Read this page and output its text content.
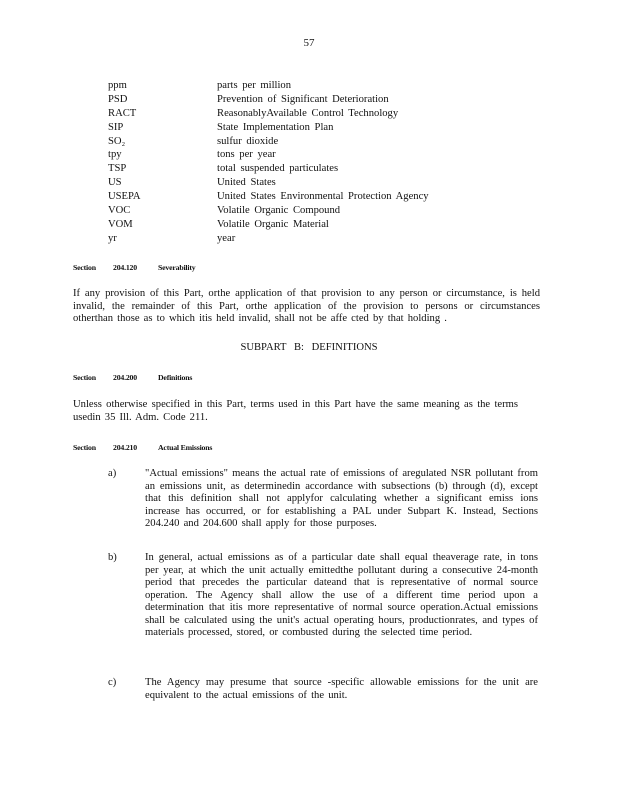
57
ppm	parts per million
PSD	Prevention of Significant Deterioration
RACT	ReasonablyAvailable Control Technology
SIP	State Implementation Plan
SO₂	sulfur dioxide
tpy	tons per year
TSP	total suspended particulates
US	United States
USEPA	United States Environmental Protection Agency
VOC	Volatile Organic Compound
VOM	Volatile Organic Material
yr	year
Section 204.120	Severability
If any provision of this Part, orthe application of that provision to any person or circumstance, is held invalid, the remainder of this Part, orthe application of the provision to persons or circumstances otherthan those as to which itis held invalid, shall not be affe cted by that holding .
SUBPART B: DEFINITIONS
Section 204.200	Definitions
Unless otherwise specified in this Part, terms used in this Part have the same meaning as the terms usedin 35 Ill. Adm. Code 211.
Section 204.210	Actual Emissions
a)	"Actual emissions" means the actual rate of emissions of aregulated NSR pollutant from an emissions unit, as determinedin accordance with subsections (b) through (d), except that this definition shall not applyfor calculating whether a significant emiss ions increase has occurred, or for establishing a PAL under Subpart K. Instead, Sections 204.240 and 204.600 shall apply for those purposes.
b)	In general, actual emissions as of a particular date shall equal theaverage rate, in tons per year, at which the unit actually emittedthe pollutant during a consecutive 24-month period that precedes the particular dateand that is representative of normal source operation. The Agency shall allow the use of a different time period upon a determination that itis more representative of normal source operation.Actual emissions shall be calculated using the unit's actual operating hours, productionrates, and types of materials processed, stored, or combusted during the selected time period.
c)	The Agency may presume that source -specific allowable emissions for the unit are equivalent to the actual emissions of the unit.
